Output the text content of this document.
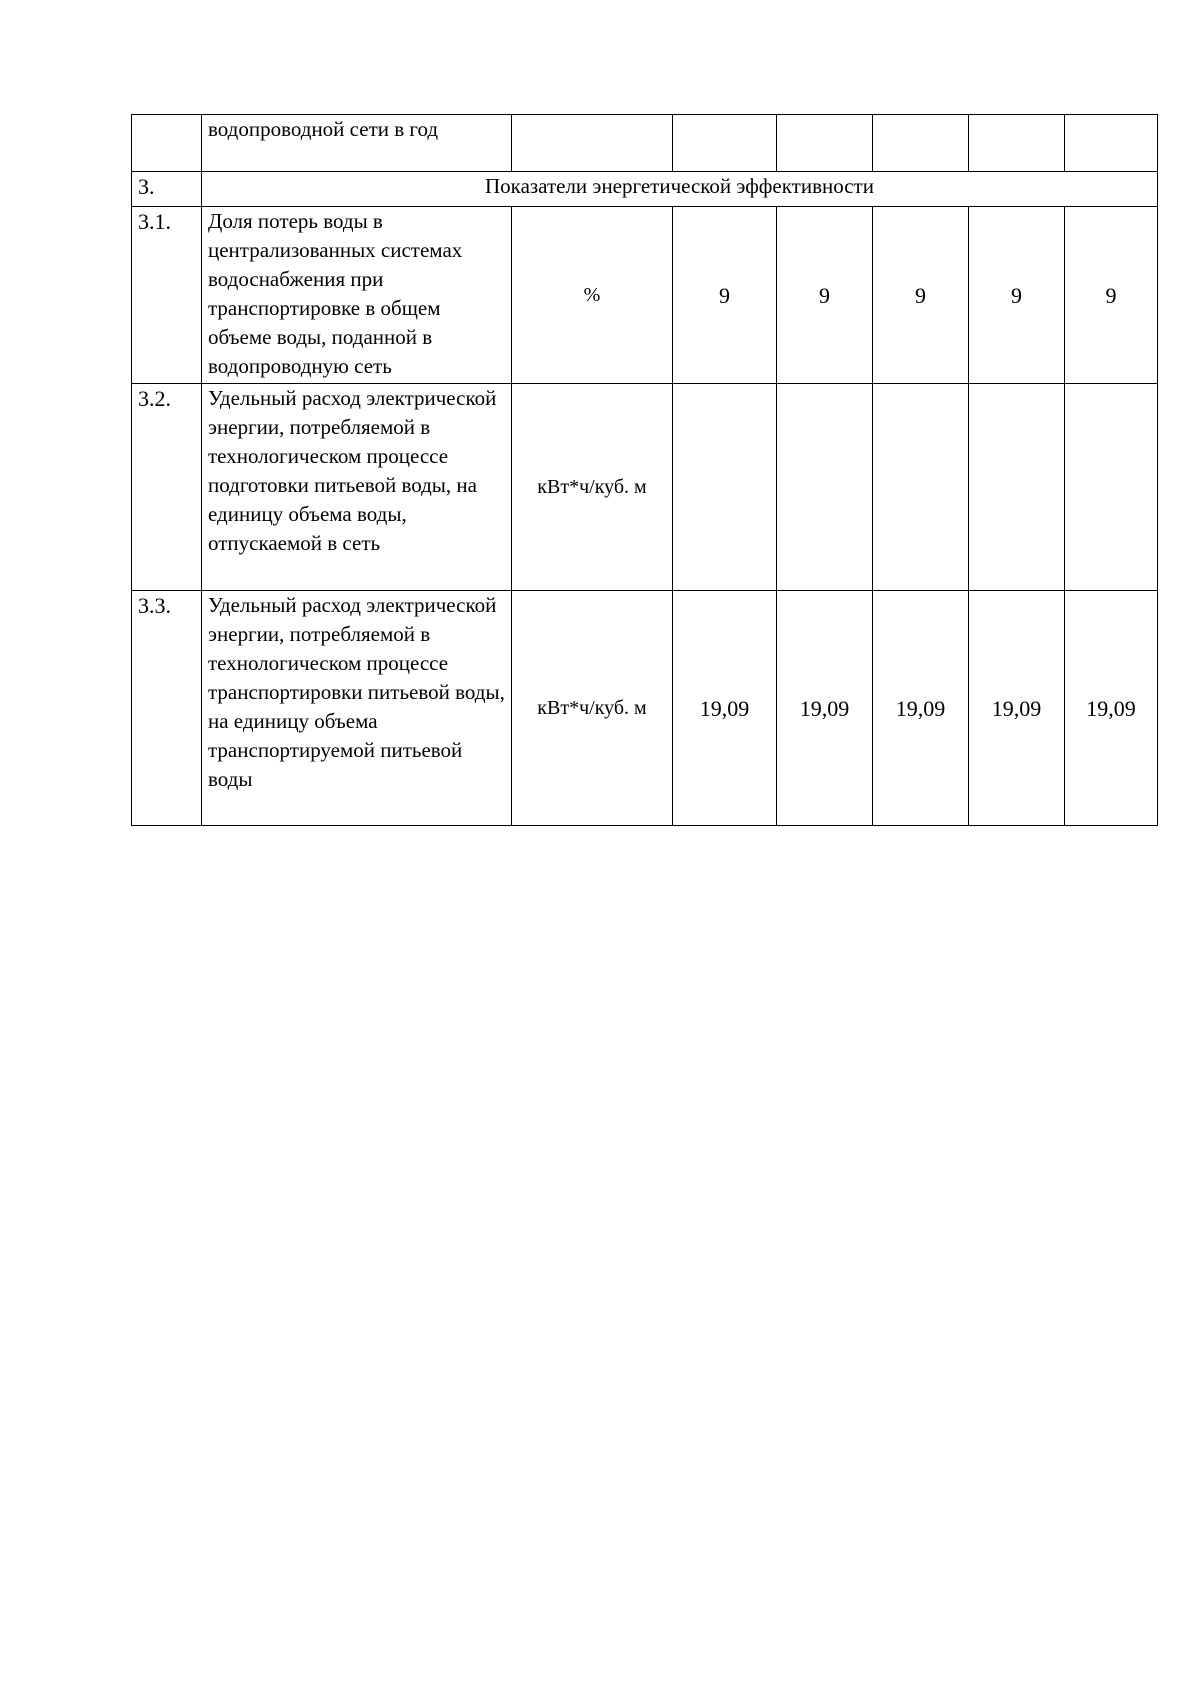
	водопроводной сети в год						
3.	Показатели энергетической эффективности						
3.1.	Доля потерь воды в централизованных системах водоснабжения при транспортировке в общем объеме воды, поданной в водопроводную сеть	%	9	9	9	9	9
3.2.	Удельный расход электрической энергии, потребляемой в технологическом процессе подготовки питьевой воды, на единицу объема воды, отпускаемой в сеть	кВт*ч/куб. м					
3.3.	Удельный расход электрической энергии, потребляемой в технологическом процессе транспортировки питьевой воды, на единицу объема транспортируемой питьевой воды	кВт*ч/куб. м	19,09	19,09	19,09	19,09	19,09
